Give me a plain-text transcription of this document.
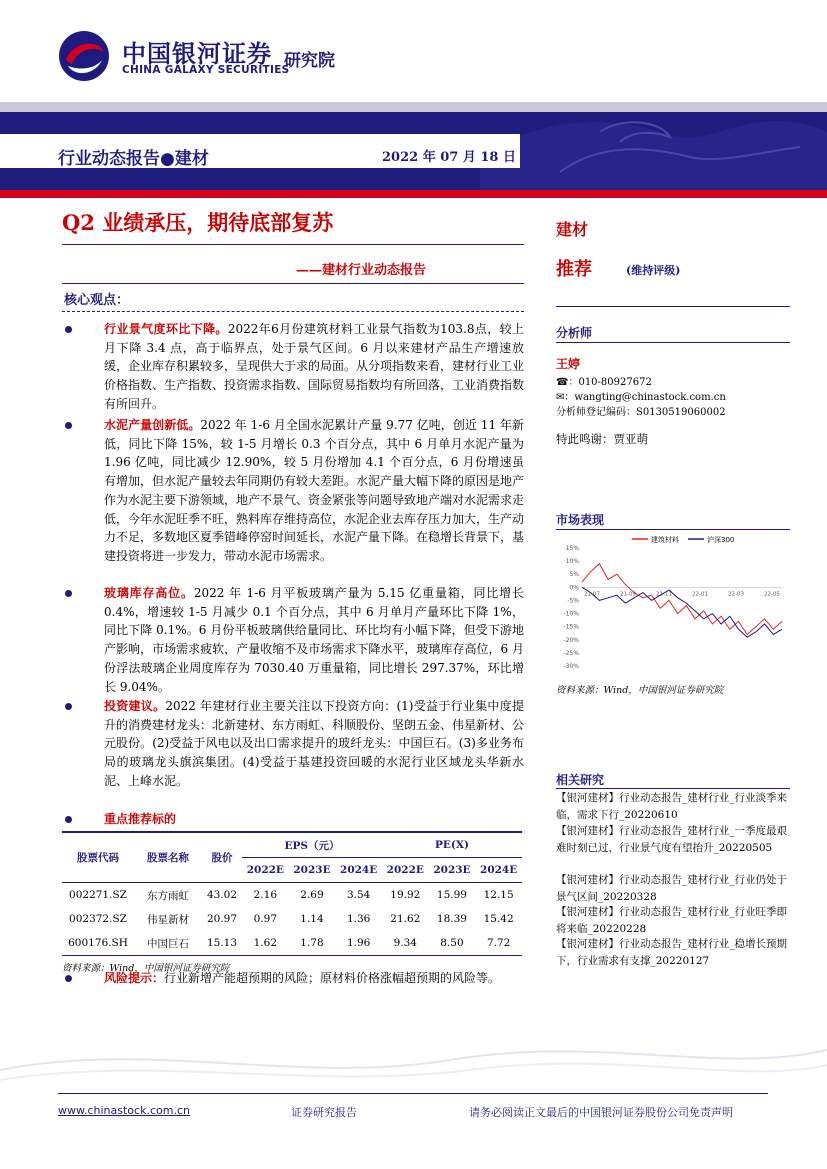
中国银河证券
CHINA GALAXY SECURITIES
研究院
行业动态报告●建材	2022 年 07 月 18 日
Q2 业绩承压，期待底部复苏
——建材行业动态报告
核心观点：
行业景气度环比下降。2022年6月份建筑材料工业景气指数为103.8点，较上月下降 3.4 点，高于临界点，处于景气区间。6 月以来建材产品生产增速放缓，企业库存积累较多，呈现供大于求的局面。从分项指数来看，建材行业工业价格指数、生产指数、投资需求指数、国际贸易指数均有所回落，工业消费指数有所回升。
水泥产量创新低。2022 年 1-6 月全国水泥累计产量 9.77 亿吨，创近 11 年新低，同比下降 15%，较 1-5 月增长 0.3 个百分点，其中 6 月单月水泥产量为 1.96 亿吨，同比减少 12.90%，较 5 月份增加 4.1 个百分点，6 月份增速虽有增加，但水泥产量较去年同期仍有较大差距。水泥产量大幅下降的原因是地产作为水泥主要下游领域，地产不景气、资金紧张等问题导致地产端对水泥需求走低，今年水泥旺季不旺，熟料库存维持高位，水泥企业去库存压力加大，生产动力不足，多数地区夏季错峰停窑时间延长，水泥产量下降。在稳增长背景下，基建投资将进一步发力，带动水泥市场需求。
玻璃库存高位。2022 年 1-6 月平板玻璃产量为 5.15 亿重量箱，同比增长 0.4%，增速较 1-5 月减少 0.1 个百分点，其中 6 月单月产量环比下降 1%，同比下降 0.1%。6 月份平板玻璃供给量同比、环比均有小幅下降，但受下游地产影响，市场需求疲软，产量收缩不及市场需求下降水平，玻璃库存高位，6 月份浮法玻璃企业周度库存为 7030.40 万重量箱，同比增长 297.37%，环比增长 9.04%。
投资建议。2022 年建材行业主要关注以下投资方向：(1)受益于行业集中度提升的消费建材龙头：北新建材、东方雨虹、科顺股份、坚朗五金、伟星新材、公元股份。(2)受益于风电以及出口需求提升的玻纤龙头：中国巨石。(3)多业务布局的玻璃龙头旗滨集团。(4)受益于基建投资回暖的水泥行业区域龙头华新水泥、上峰水泥。
重点推荐标的
股票代码	股票名称	股价	EPS（元）			PE(X)		
			2022E	2023E	2024E	2022E	2023E	2024E
002271.SZ	东方雨虹	43.02	2.16	2.69	3.54	19.92	15.99	12.15
002372.SZ	伟星新材	20.97	0.97	1.14	1.36	21.62	18.39	15.42
600176.SH	中国巨石	15.13	1.62	1.78	1.96	9.34	8.50	7.72
资料来源：Wind，中国银河证券研究院
风险提示：行业新增产能超预期的风险；原材料价格涨幅超预期的风险等。
建材
推荐	(维持评级)
分析师
王婷
☎：010-80927672
✉：wangting@chinastock.com.cn
分析师登记编码：S0130519060002
特此鸣谢：贾亚萌
市场表现
建筑材料	沪深300
15%
10%
5%
0%
-5%
-10%
-15%
-20%
-25%
-30%
21-07	21-09	21-11	22-01	22-03	22-05
资料来源：Wind，中国银河证券研究院
相关研究
【银河建材】行业动态报告_建材行业_行业淡季来临，需求下行_20220610
【银河建材】行业动态报告_建材行业_一季度最艰难时刻已过，行业景气度有望抬升_20220505
【银河建材】行业动态报告_建材行业_行业仍处于景气区间_20220328
【银河建材】行业动态报告_建材行业_行业旺季即将来临_20220228
【银河建材】行业动态报告_建材行业_稳增长预期下，行业需求有支撑_20220127
www.chinastock.com.cn	证券研究报告	请务必阅读正文最后的中国银河证券股份公司免责声明
